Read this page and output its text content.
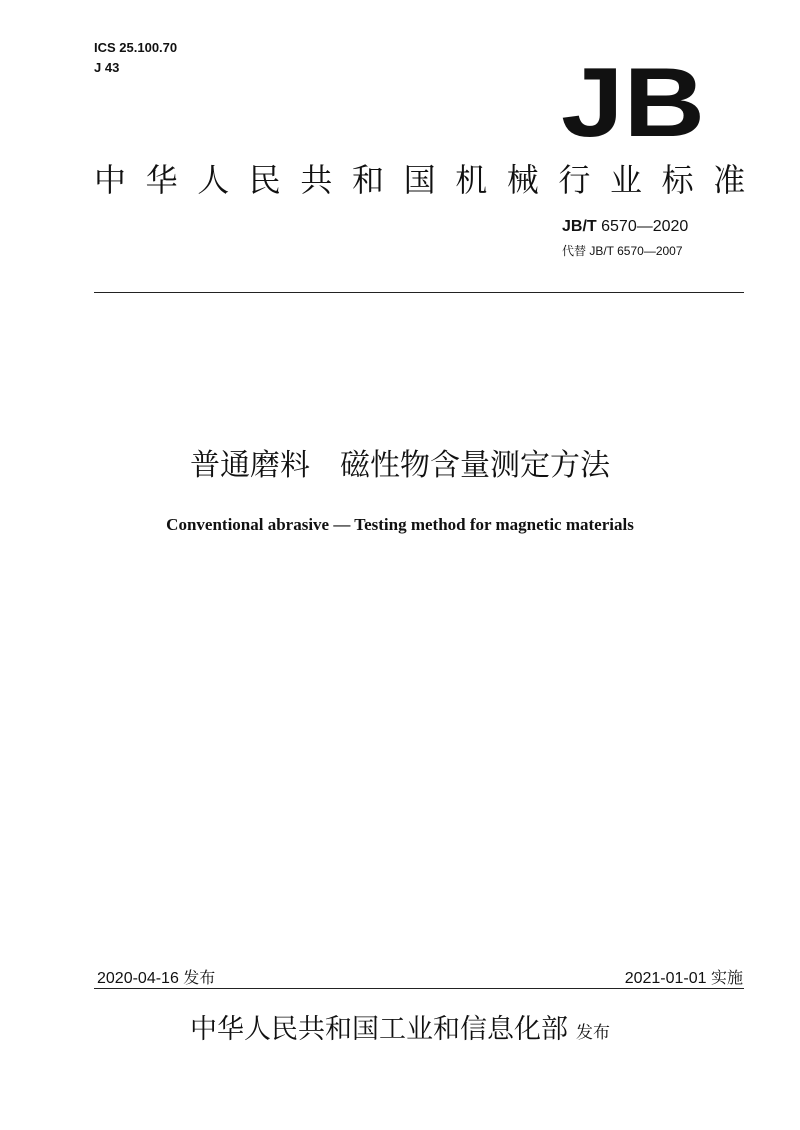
ICS 25.100.70
J 43	JB
中华人民共和国机械行业标准
JB/T 6570—2020
代替 JB/T 6570—2007
普通磨料　磁性物含量测定方法
Conventional abrasive — Testing method for magnetic materials
2020-04-16 发布	2021-01-01 实施
中华人民共和国工业和信息化部 发布
